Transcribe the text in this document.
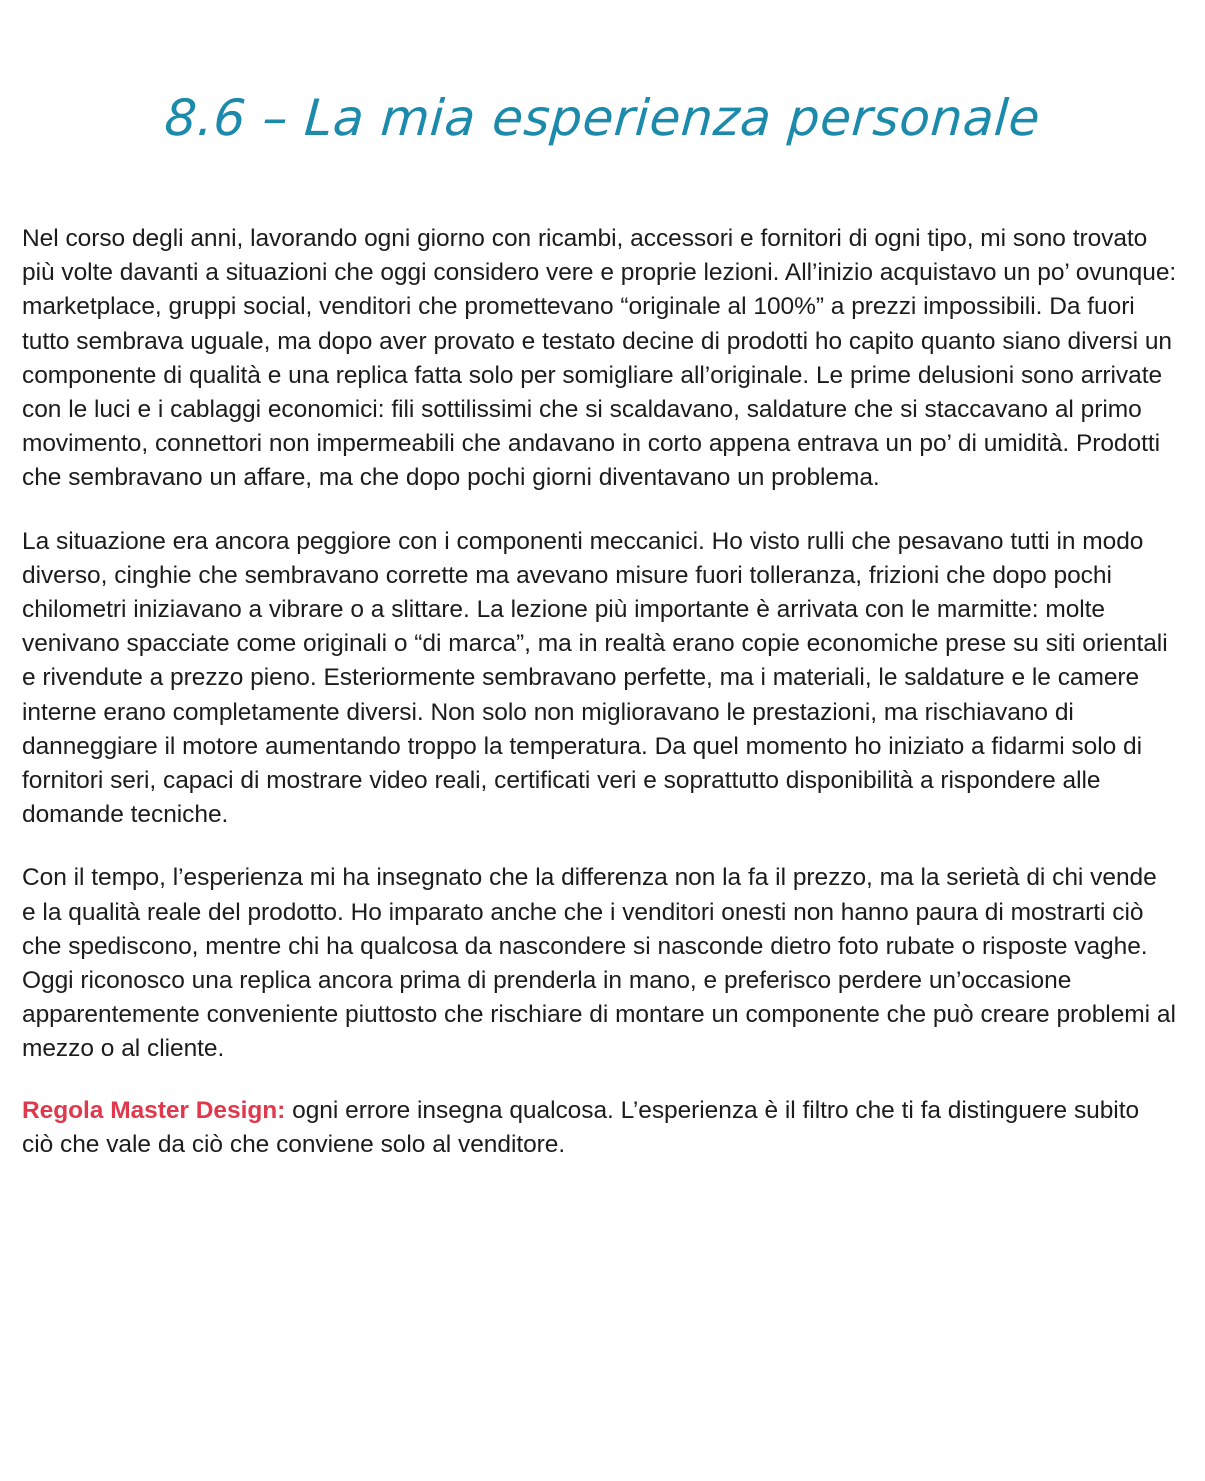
8.6 – La mia esperienza personale

Nel corso degli anni, lavorando ogni giorno con ricambi, accessori e fornitori di ogni tipo, mi sono trovato più volte davanti a situazioni che oggi considero vere e proprie lezioni. All’inizio acquistavo un po’ ovunque: marketplace, gruppi social, venditori che promettevano “originale al 100%” a prezzi impossibili. Da fuori tutto sembrava uguale, ma dopo aver provato e testato decine di prodotti ho capito quanto siano diversi un componente di qualità e una replica fatta solo per somigliare all’originale. Le prime delusioni sono arrivate con le luci e i cablaggi economici: fili sottilissimi che si scaldavano, saldature che si staccavano al primo movimento, connettori non impermeabili che andavano in corto appena entrava un po’ di umidità. Prodotti che sembravano un affare, ma che dopo pochi giorni diventavano un problema.

La situazione era ancora peggiore con i componenti meccanici. Ho visto rulli che pesavano tutti in modo diverso, cinghie che sembravano corrette ma avevano misure fuori tolleranza, frizioni che dopo pochi chilometri iniziavano a vibrare o a slittare. La lezione più importante è arrivata con le marmitte: molte venivano spacciate come originali o “di marca”, ma in realtà erano copie economiche prese su siti orientali e rivendute a prezzo pieno. Esteriormente sembravano perfette, ma i materiali, le saldature e le camere interne erano completamente diversi. Non solo non miglioravano le prestazioni, ma rischiavano di danneggiare il motore aumentando troppo la temperatura. Da quel momento ho iniziato a fidarmi solo di fornitori seri, capaci di mostrare video reali, certificati veri e soprattutto disponibilità a rispondere alle domande tecniche.

Con il tempo, l’esperienza mi ha insegnato che la differenza non la fa il prezzo, ma la serietà di chi vende e la qualità reale del prodotto. Ho imparato anche che i venditori onesti non hanno paura di mostrarti ciò che spediscono, mentre chi ha qualcosa da nascondere si nasconde dietro foto rubate o risposte vaghe. Oggi riconosco una replica ancora prima di prenderla in mano, e preferisco perdere un’occasione apparentemente conveniente piuttosto che rischiare di montare un componente che può creare problemi al mezzo o al cliente.

Regola Master Design: ogni errore insegna qualcosa. L’esperienza è il filtro che ti fa distinguere subito ciò che vale da ciò che conviene solo al venditore.
